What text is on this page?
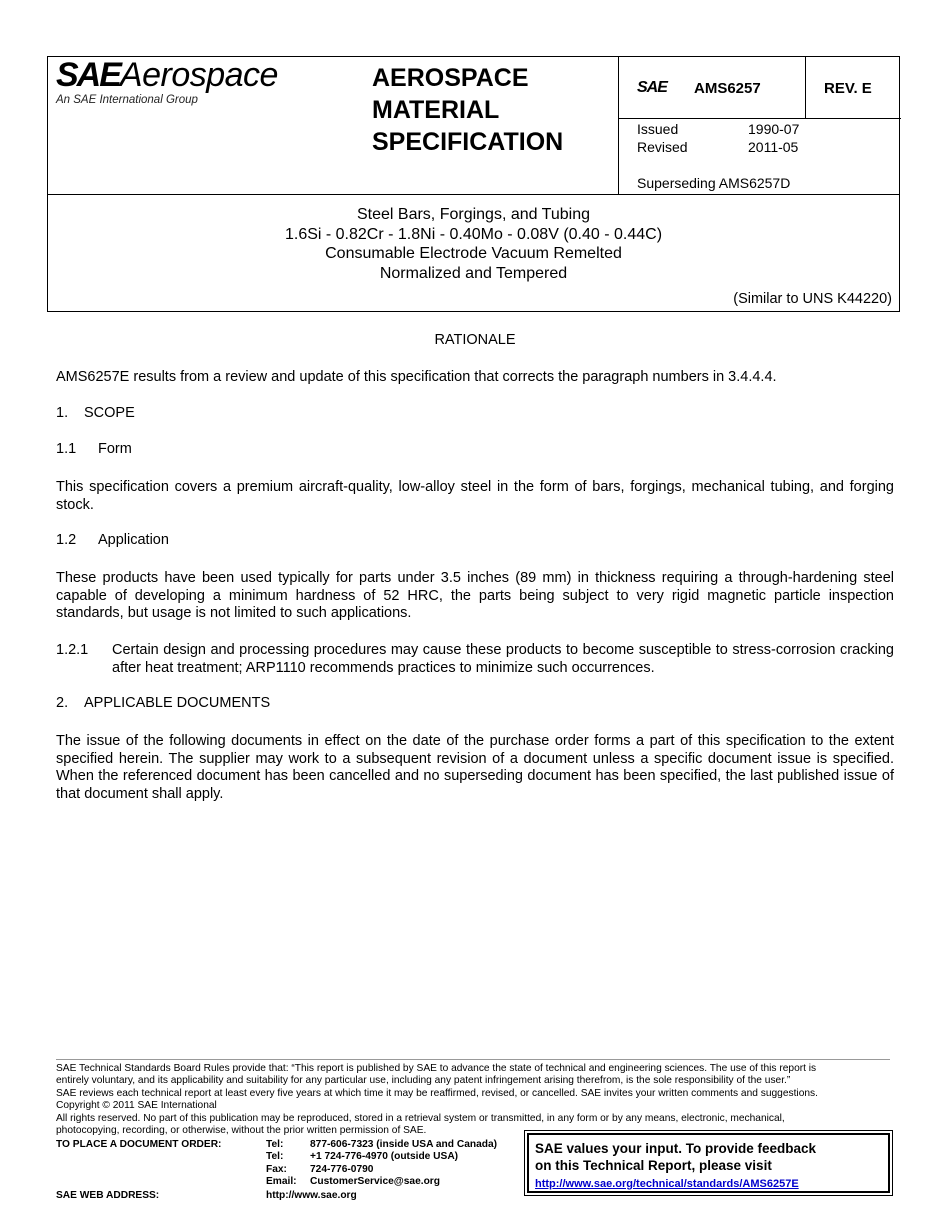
SAEAerospace
An SAE International Group
AEROSPACE
MATERIAL
SPECIFICATION
SAE AMS6257	REV. E
Issued	1990-07
Revised	2011-05
Superseding AMS6257D
Steel Bars, Forgings, and Tubing
1.6Si - 0.82Cr - 1.8Ni - 0.40Mo - 0.08V (0.40 - 0.44C)
Consumable Electrode Vacuum Remelted
Normalized and Tempered
(Similar to UNS K44220)
RATIONALE
AMS6257E results from a review and update of this specification that corrects the paragraph numbers in 3.4.4.4.
1. SCOPE
1.1 Form
This specification covers a premium aircraft-quality, low-alloy steel in the form of bars, forgings, mechanical tubing, and forging stock.
1.2 Application
These products have been used typically for parts under 3.5 inches (89 mm) in thickness requiring a through-hardening steel capable of developing a minimum hardness of 52 HRC, the parts being subject to very rigid magnetic particle inspection standards, but usage is not limited to such applications.
1.2.1	Certain design and processing procedures may cause these products to become susceptible to stress-corrosion cracking after heat treatment; ARP1110 recommends practices to minimize such occurrences.
2. APPLICABLE DOCUMENTS
The issue of the following documents in effect on the date of the purchase order forms a part of this specification to the extent specified herein. The supplier may work to a subsequent revision of a document unless a specific document issue is specified. When the referenced document has been cancelled and no superseding document has been specified, the last published issue of that document shall apply.
SAE Technical Standards Board Rules provide that: “This report is published by SAE to advance the state of technical and engineering sciences. The use of this report is
entirely voluntary, and its applicability and suitability for any particular use, including any patent infringement arising therefrom, is the sole responsibility of the user.”
SAE reviews each technical report at least every five years at which time it may be reaffirmed, revised, or cancelled. SAE invites your written comments and suggestions.
Copyright © 2011 SAE International
All rights reserved. No part of this publication may be reproduced, stored in a retrieval system or transmitted, in any form or by any means, electronic, mechanical,
photocopying, recording, or otherwise, without the prior written permission of SAE.
TO PLACE A DOCUMENT ORDER:	Tel:	877-606-7323 (inside USA and Canada)
Tel:	+1 724-776-4970 (outside USA)
Fax:	724-776-0790
Email:	CustomerService@sae.org
SAE WEB ADDRESS:	http://www.sae.org
SAE values your input. To provide feedback
on this Technical Report, please visit
http://www.sae.org/technical/standards/AMS6257E
